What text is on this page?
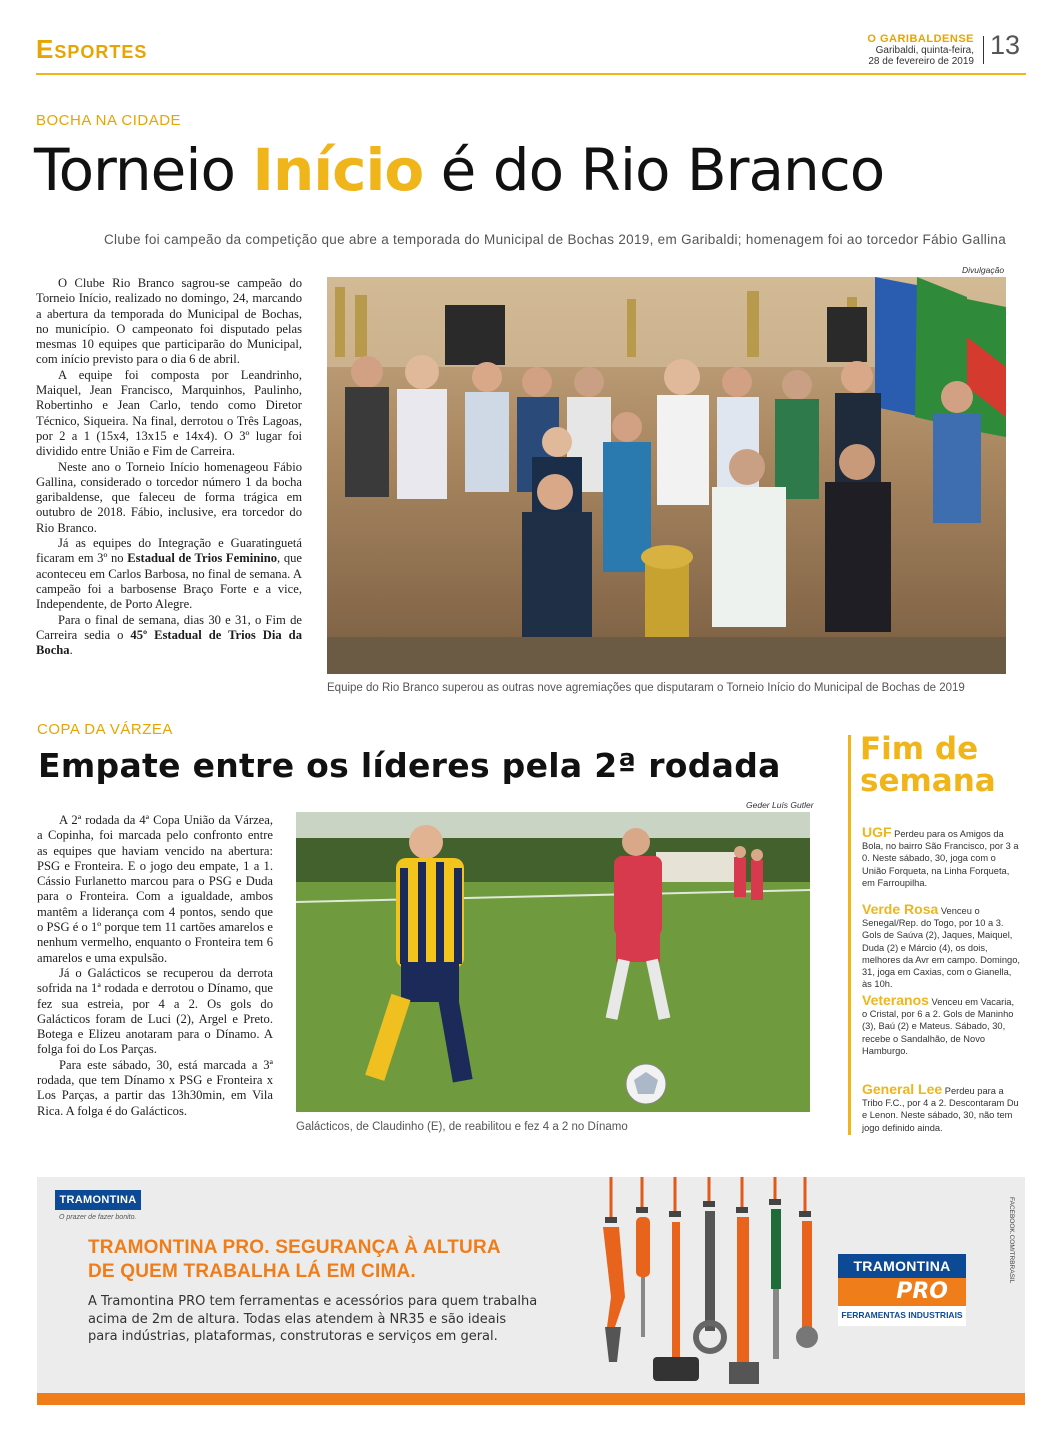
Esportes	O GARIBALDENSE
Garibaldi, quinta-feira,
28 de fevereiro de 2019
13
BOCHA NA CIDADE
Torneio Início é do Rio Branco
Clube foi campeão da competição que abre a temporada do Municipal de Bochas 2019, em Garibaldi; homenagem foi ao torcedor Fábio Gallina

O Clube Rio Branco sagrou-se campeão do Torneio Início, realizado no domingo, 24, marcando a abertura da temporada do Municipal de Bochas, no município. O campeonato foi disputado pelas mesmas 10 equipes que participarão do Municipal, com início previsto para o dia 6 de abril.

A equipe foi composta por Leandrinho, Maiquel, Jean Francisco, Marquinhos, Paulinho, Robertinho e Jean Carlo, tendo como Diretor Técnico, Siqueira. Na final, derrotou o Três Lagoas, por 2 a 1 (15x4, 13x15 e 14x4). O 3º lugar foi dividido entre União e Fim de Carreira.

Neste ano o Torneio Início homenageou Fábio Gallina, considerado o torcedor número 1 da bocha garibaldense, que faleceu de forma trágica em outubro de 2018. Fábio, inclusive, era torcedor do Rio Branco.

Já as equipes do Integração e Guaratinguetá ficaram em 3º no Estadual de Trios Feminino, que aconteceu em Carlos Barbosa, no final de semana. A campeão foi a barbosense Braço Forte e a vice, Independente, de Porto Alegre.

Para o final de semana, dias 30 e 31, o Fim de Carreira sedia o 45º Estadual de Trios Dia da Bocha.

Divulgação
Equipe do Rio Branco superou as outras nove agremiações que disputaram o Torneio Início do Municipal de Bochas de 2019
COPA DA VÁRZEA
Empate entre os líderes pela 2ª rodada

A 2ª rodada da 4ª Copa União da Várzea, a Copinha, foi marcada pelo confronto entre as equipes que haviam vencido na abertura: PSG e Fronteira. E o jogo deu empate, 1 a 1. Cássio Furlanetto marcou para o PSG e Duda para o Fronteira. Com a igualdade, ambos mantêm a liderança com 4 pontos, sendo que o PSG é o 1º porque tem 11 cartões amarelos e nenhum vermelho, enquanto o Fronteira tem 6 amarelos e uma expulsão.

Já o Galácticos se recuperou da derrota sofrida na 1ª rodada e derrotou o Dínamo, que fez sua estreia, por 4 a 2. Os gols do Galácticos foram de Luci (2), Argel e Preto. Botega e Elizeu anotaram para o Dínamo. A folga foi do Los Parças.

Para este sábado, 30, está marcada a 3ª rodada, que tem Dínamo x PSG e Fronteira x Los Parças, a partir das 13h30min, em Vila Rica. A folga é do Galácticos.

Geder Luís Gutler
Galácticos, de Claudinho (E), de reabilitou e fez 4 a 2 no Dínamo
Fim de
semana
UGF Perdeu para os Amigos da Bola, no bairro São Francisco, por 3 a 0. Neste sábado, 30, joga com o União Forqueta, na Linha Forqueta, em Farroupilha.
Verde Rosa Venceu o Senegal/Rep. do Togo, por 10 a 3. Gols de Saúva (2), Jaques, Maiquel, Duda (2) e Márcio (4), os dois, melhores da Avr em campo. Domingo, 31, joga em Caxias, com o Gianella, às 10h.
Veteranos Venceu em Vacaria, o Cristal, por 6 a 2. Gols de Maninho (3), Baú (2) e Mateus. Sábado, 30, recebe o Sandalhão, de Novo Hamburgo.
General Lee Perdeu para a Tribo F.C., por 4 a 2. Descontaram Du e Lenon. Neste sábado, 30, não tem jogo definido ainda.
TRAMONTINA
O prazer de fazer bonito.
TRAMONTINA PRO. SEGURANÇA À ALTURA
DE QUEM TRABALHA LÁ EM CIMA.
A Tramontina PRO tem ferramentas e acessórios para quem trabalha
acima de 2m de altura. Todas elas atendem à NR35 e são ideais
para indústrias, plataformas, construtoras e serviços em geral.
TRAMONTINA
PRO
FERRAMENTAS INDUSTRIAIS
FACEBOOK.COM/TRBRASIL
